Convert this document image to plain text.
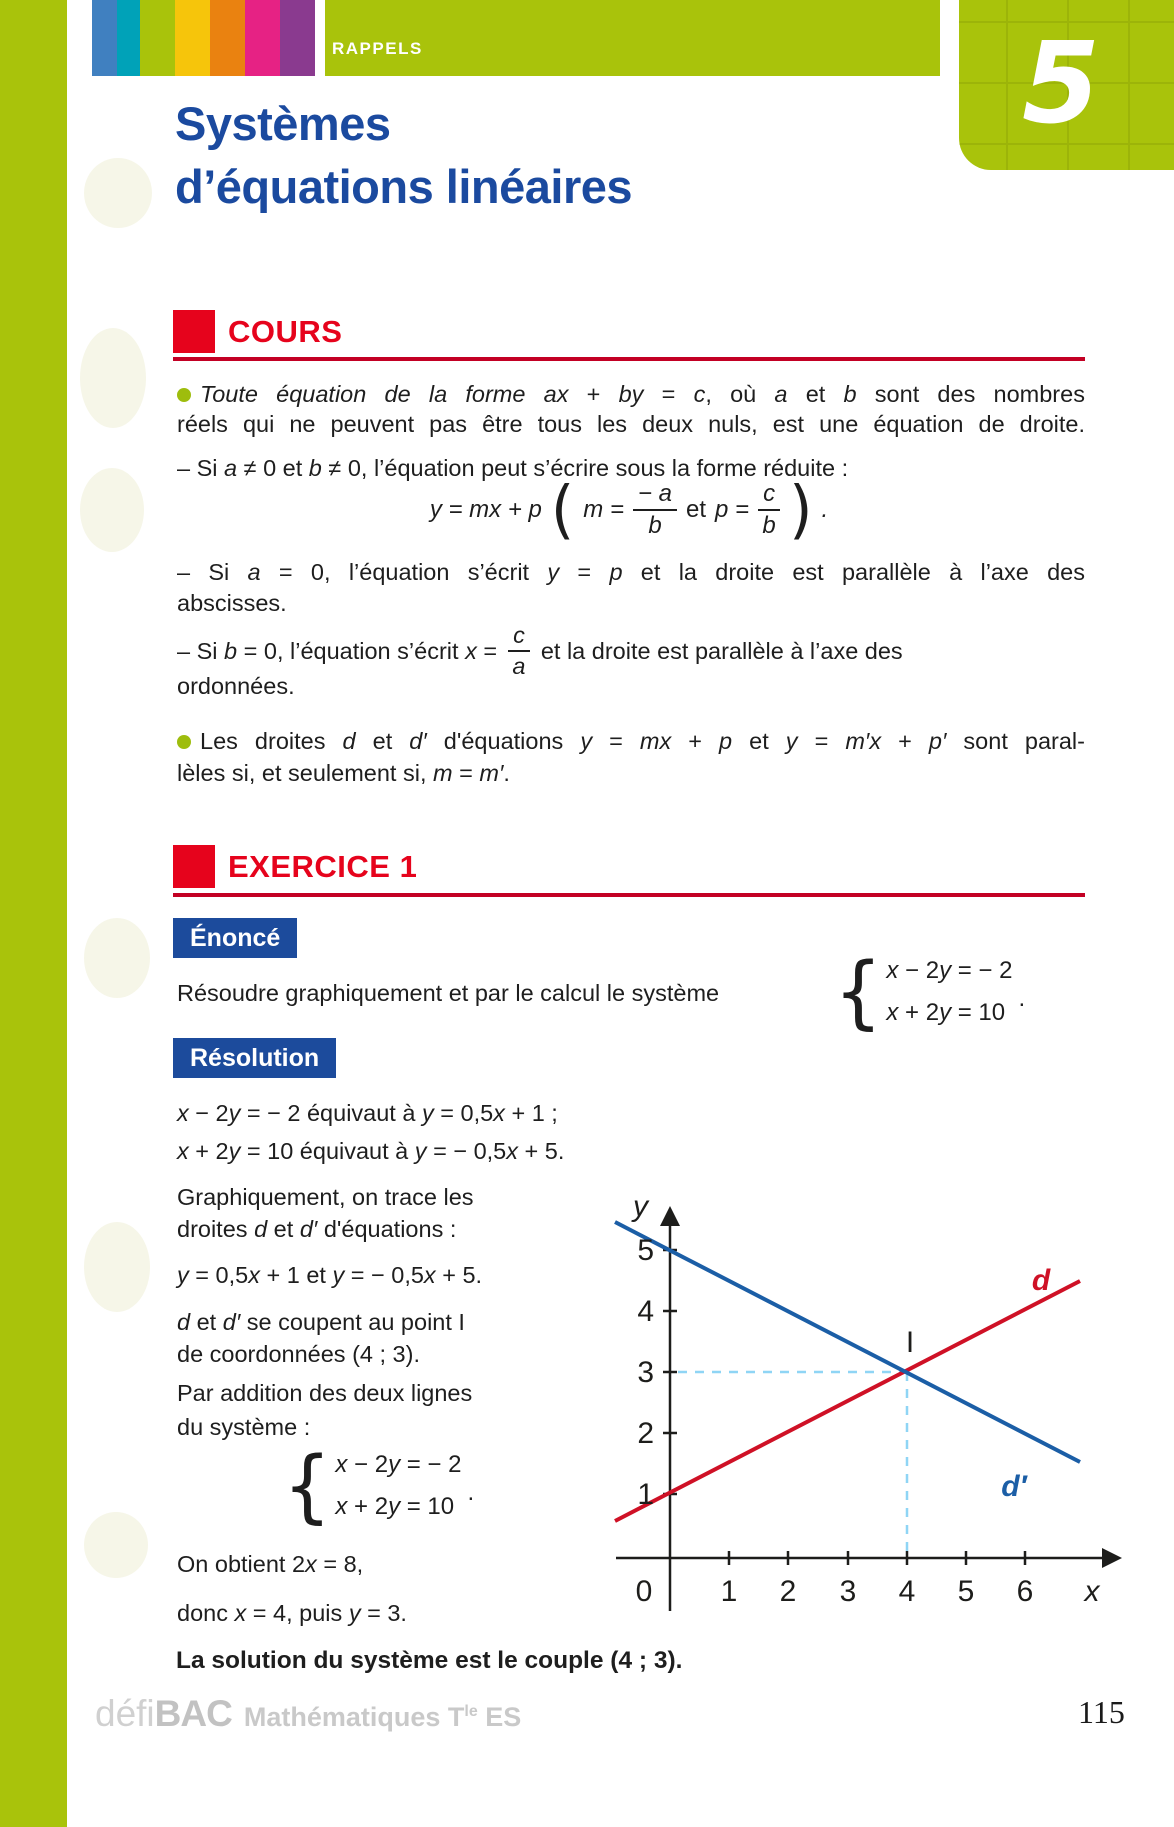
RAPPELS	5
Systèmes
d’équations linéaires
COURS
Toute équation de la forme ax + by = c, où a et b sont des nombres
réels qui ne peuvent pas être tous les deux nuls, est une équation de droite.
– Si a ≠ 0 et b ≠ 0, l’équation peut s’écrire sous la forme réduite :
y = mx + p ( $m = \frac{- a}{b}$ et $p = \frac{c}{b}$ ) .
– Si a = 0, l’équation s’écrit y = p et la droite est parallèle à l’axe des
abscisses.
– Si b = 0, l’équation s’écrit $x = \frac{c}{a}$ et la droite est parallèle à l’axe des
ordonnées.
Les droites d et d′ d'équations y = mx + p et y = m′x + p′ sont paral-
lèles si, et seulement si, m = m′.
EXERCICE 1
Énoncé
Résoudre graphiquement et par le calcul le système { x − 2y = − 2
x + 2y = 10
.
Résolution
x − 2y = − 2 équivaut à y = 0,5x + 1 ;
x + 2y = 10 équivaut à y = − 0,5x + 5.
Graphiquement, on trace les
droites d et d′ d'équations :
y = 0,5x + 1 et y = − 0,5x + 5.
d et d′ se coupent au point I
de coordonnées (4 ; 3).
Par addition des deux lignes
du système :
{ x − 2y = − 2
x + 2y = 10
.
On obtient 2x = 8,
donc x = 4, puis y = 3.
La solution du système est le couple (4 ; 3).
y
5
4
3
2
1
0 1 2 3 4 5 6 x
I
d
d′
défiBAC Mathématiques $T^{le}$ ES	115
